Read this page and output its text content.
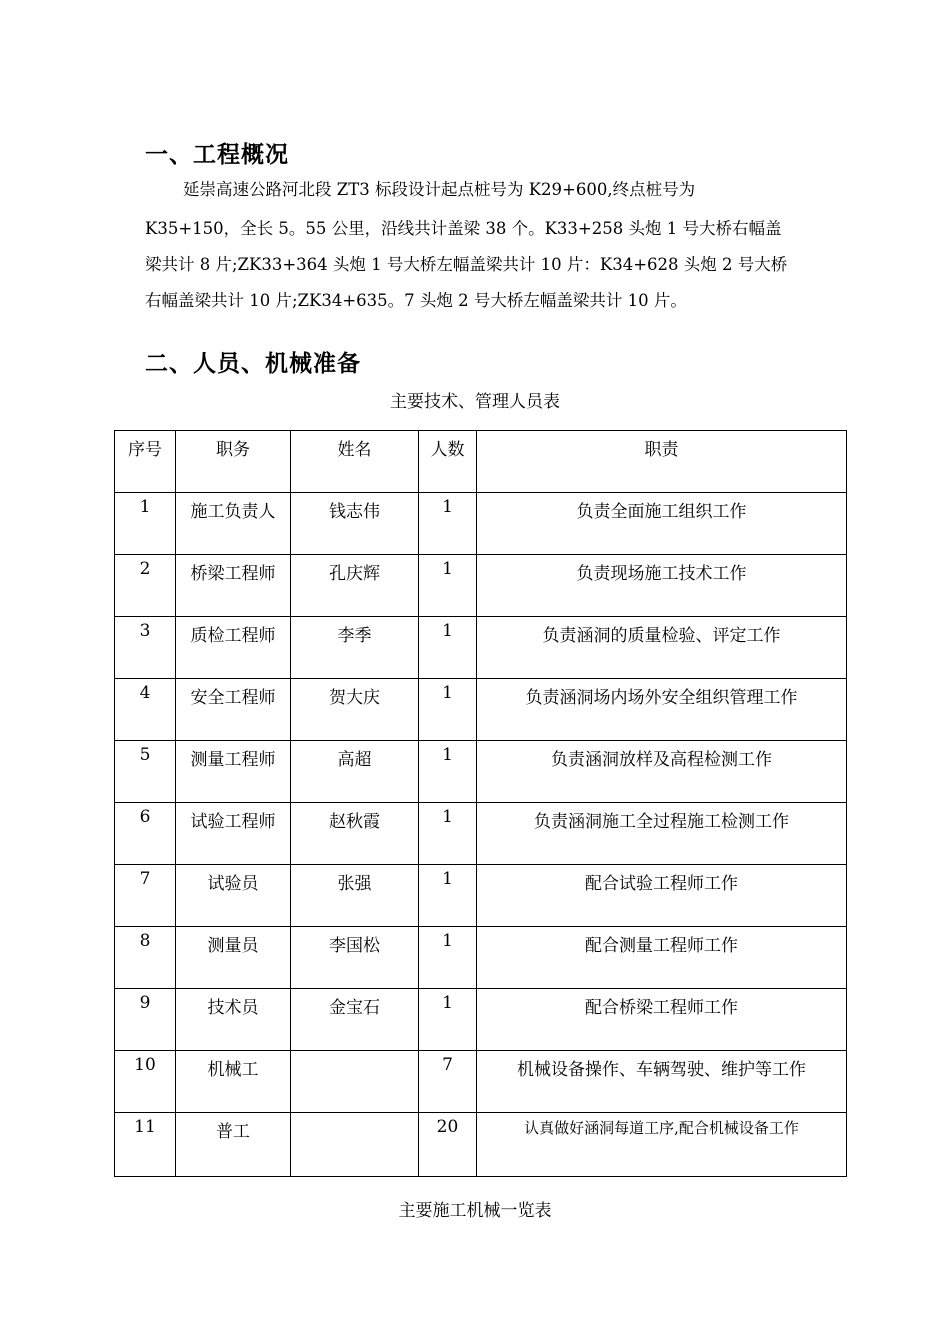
一、工程概况
延崇高速公路河北段 ZT3 标段设计起点桩号为 K29+600,终点桩号为
K35+150，全长 5。55 公里，沿线共计盖梁 38 个。K33+258 头炮 1 号大桥右幅盖
梁共计 8 片;ZK33+364 头炮 1 号大桥左幅盖梁共计 10 片：K34+628 头炮 2 号大桥
右幅盖梁共计 10 片;ZK34+635。7 头炮 2 号大桥左幅盖梁共计 10 片。
二、人员、机械准备
主要技术、管理人员表
序号	职务	姓名	人数	职责
1	施工负责人	钱志伟	1	负责全面施工组织工作
2	桥梁工程师	孔庆辉	1	负责现场施工技术工作
3	质检工程师	李季	1	负责涵洞的质量检验、评定工作
4	安全工程师	贺大庆	1	负责涵洞场内场外安全组织管理工作
5	测量工程师	高超	1	负责涵洞放样及高程检测工作
6	试验工程师	赵秋霞	1	负责涵洞施工全过程施工检测工作
7	试验员	张强	1	配合试验工程师工作
8	测量员	李国松	1	配合测量工程师工作
9	技术员	金宝石	1	配合桥梁工程师工作
10	机械工		7	机械设备操作、车辆驾驶、维护等工作
11	普工		20	认真做好涵洞每道工序,配合机械设备工作
主要施工机械一览表
